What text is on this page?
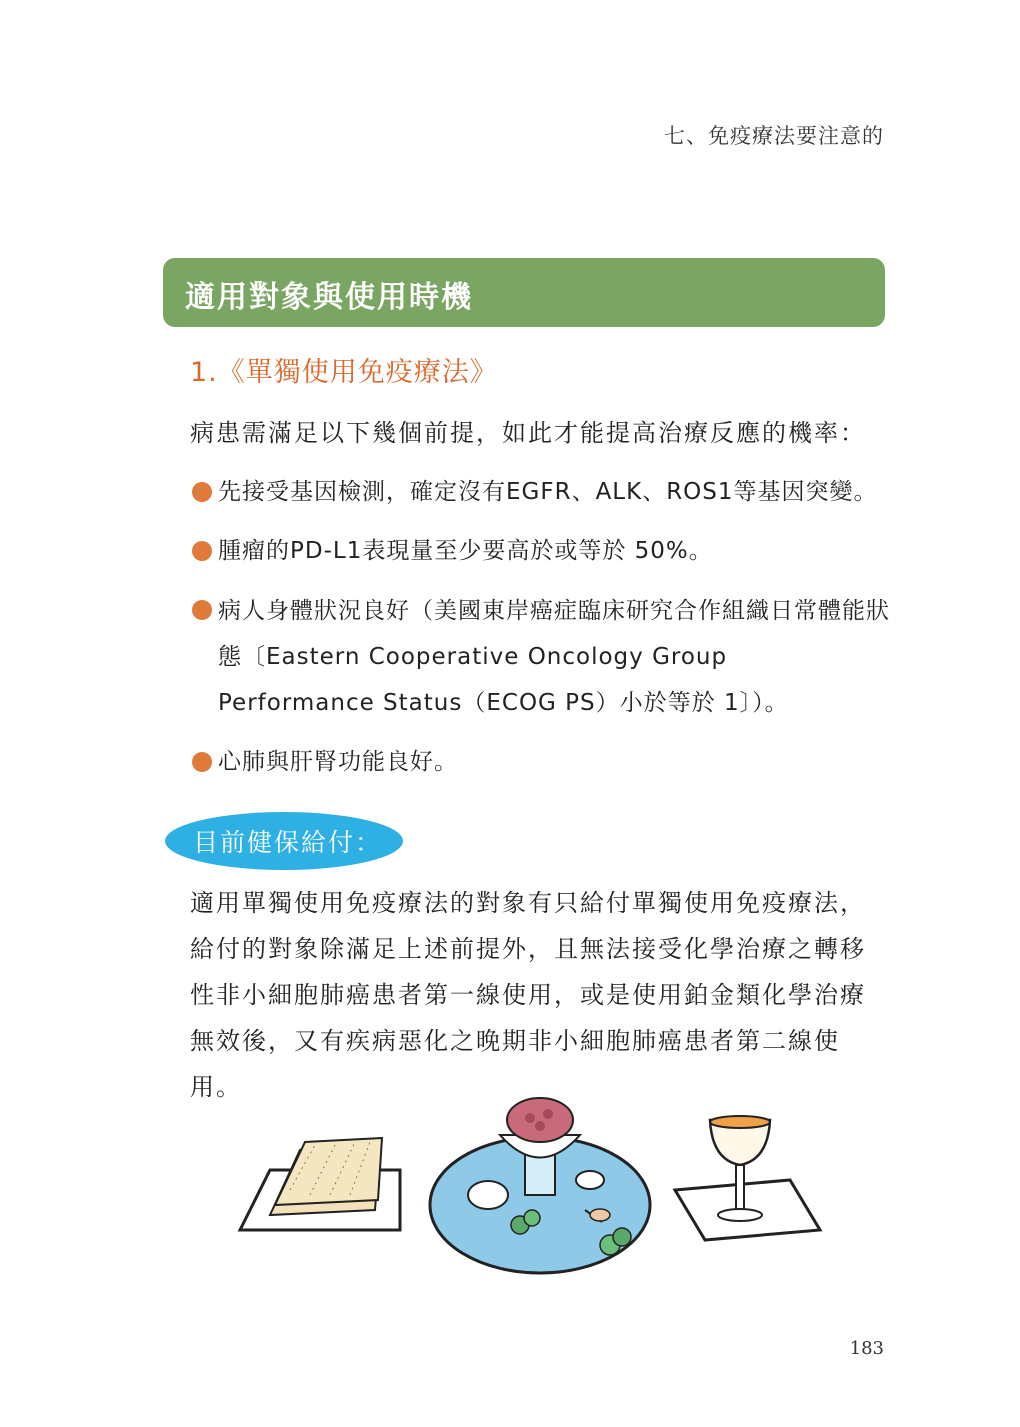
七、免疫療法要注意的
適用對象與使用時機
1.《單獨使用免疫療法》
病患需滿足以下幾個前提，如此才能提高治療反應的機率：
先接受基因檢測，確定沒有EGFR、ALK、ROS1等基因突變。
腫瘤的PD-L1表現量至少要高於或等於 50%。
病人身體狀況良好（美國東岸癌症臨床研究合作組織日常體能狀態〔Eastern Cooperative Oncology Group Performance Status（ECOG PS）小於等於 1〕）。
心肺與肝腎功能良好。
目前健保給付：
適用單獨使用免疫療法的對象有只給付單獨使用免疫療法，給付的對象除滿足上述前提外，且無法接受化學治療之轉移性非小細胞肺癌患者第一線使用，或是使用鉑金類化學治療無效後，又有疾病惡化之晚期非小細胞肺癌患者第二線使用。
183
